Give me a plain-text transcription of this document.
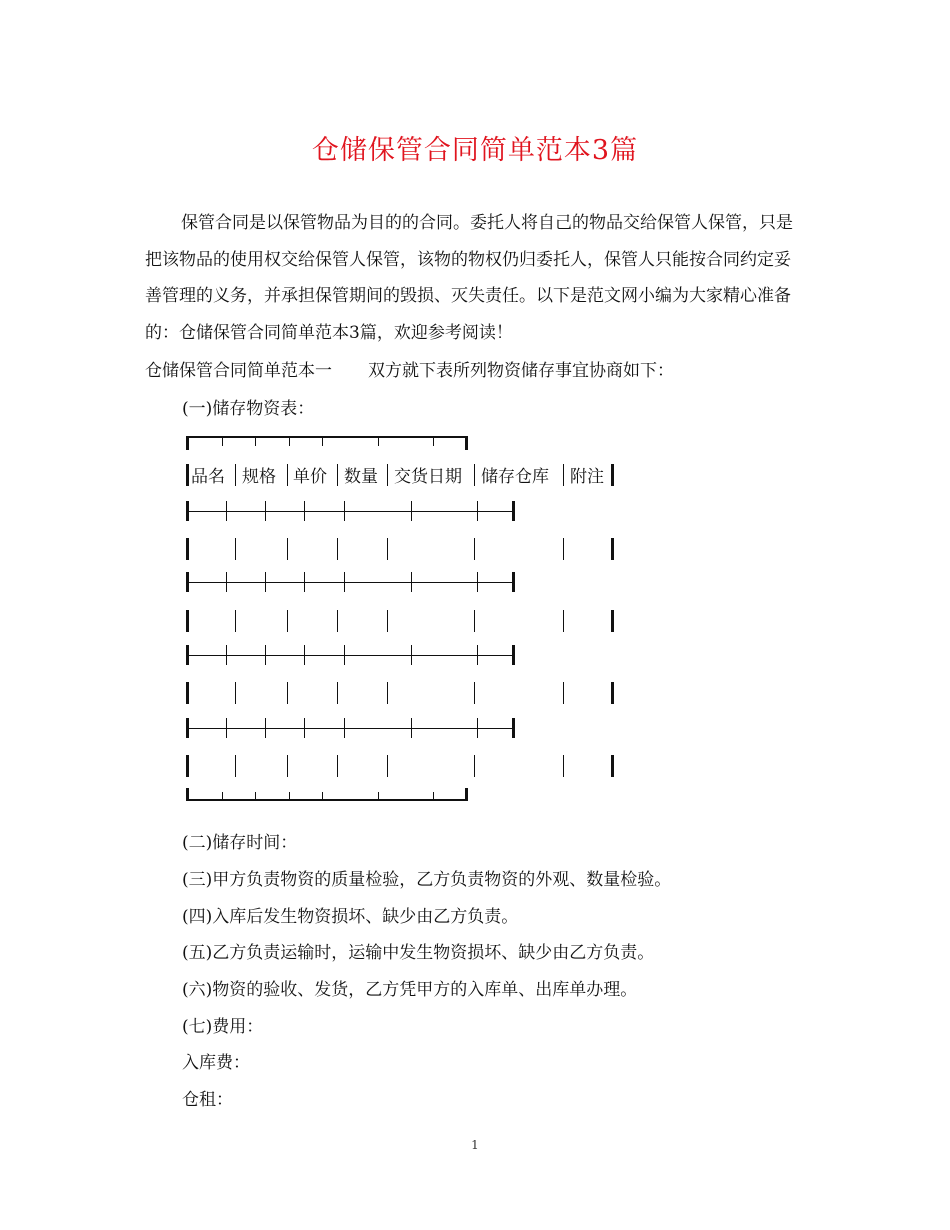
仓储保管合同简单范本3篇
保管合同是以保管物品为目的的合同。委托人将自己的物品交给保管人保管，只是把该物品的使用权交给保管人保管，该物的物权仍归委托人，保管人只能按合同约定妥善管理的义务，并承担保管期间的毁损、灭失责任。以下是范文网小编为大家精心准备的：仓储保管合同简单范本3篇，欢迎参考阅读！
仓储保管合同简单范本一 双方就下表所列物资储存事宜协商如下：
(一)储存物资表：
品名 规格 单价 数量 交货日期 储存仓库 附注
(二)储存时间：
(三)甲方负责物资的质量检验，乙方负责物资的外观、数量检验。
(四)入库后发生物资损坏、缺少由乙方负责。
(五)乙方负责运输时，运输中发生物资损坏、缺少由乙方负责。
(六)物资的验收、发货，乙方凭甲方的入库单、出库单办理。
(七)费用：
入库费：
仓租：
1
